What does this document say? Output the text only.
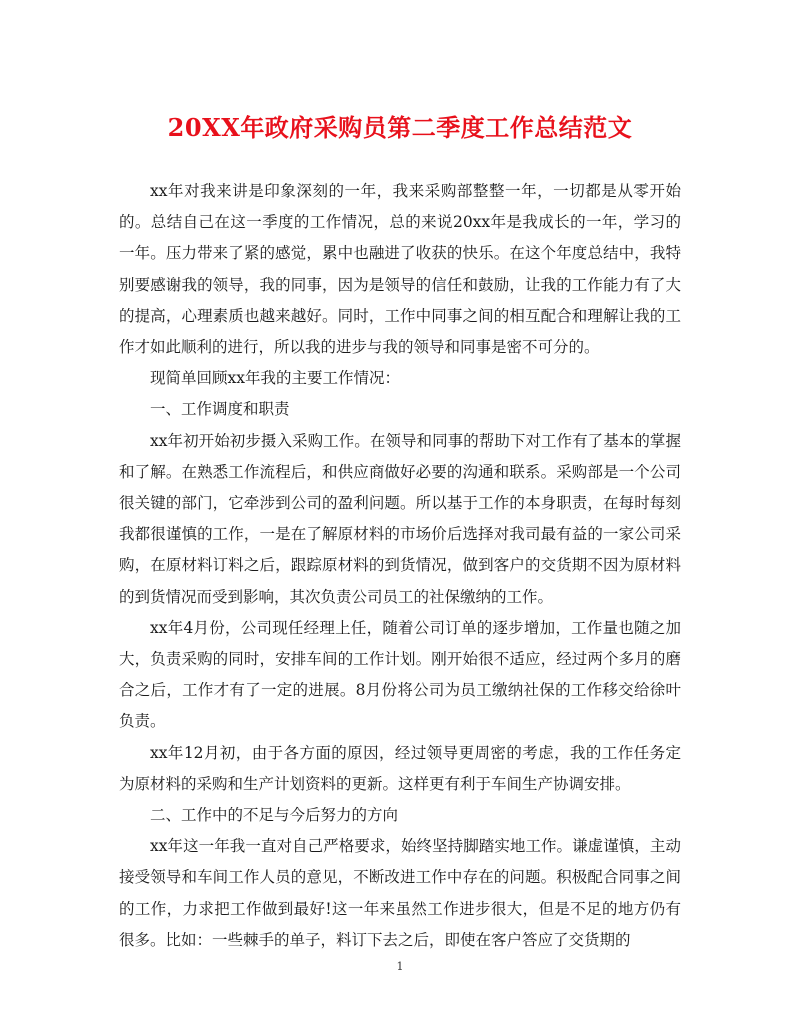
20XX年政府采购员第二季度工作总结范文

xx年对我来讲是印象深刻的一年，我来采购部整整一年，一切都是从零开始的。总结自己在这一季度的工作情况，总的来说20xx年是我成长的一年，学习的一年。压力带来了紧的感觉，累中也融进了收获的快乐。在这个年度总结中，我特别要感谢我的领导，我的同事，因为是领导的信任和鼓励，让我的工作能力有了大的提高，心理素质也越来越好。同时，工作中同事之间的相互配合和理解让我的工作才如此顺利的进行，所以我的进步与我的领导和同事是密不可分的。

现简单回顾xx年我的主要工作情况：

一、工作调度和职责

xx年初开始初步摄入采购工作。在领导和同事的帮助下对工作有了基本的掌握和了解。在熟悉工作流程后，和供应商做好必要的沟通和联系。采购部是一个公司很关键的部门，它牵涉到公司的盈利问题。所以基于工作的本身职责，在每时每刻我都很谨慎的工作，一是在了解原材料的市场价后选择对我司最有益的一家公司采购，在原材料订料之后，跟踪原材料的到货情况，做到客户的交货期不因为原材料的到货情况而受到影响，其次负责公司员工的社保缴纳的工作。

xx年4月份，公司现任经理上任，随着公司订单的逐步增加，工作量也随之加大，负责采购的同时，安排车间的工作计划。刚开始很不适应，经过两个多月的磨合之后，工作才有了一定的进展。8月份将公司为员工缴纳社保的工作移交给徐叶负责。

xx年12月初，由于各方面的原因，经过领导更周密的考虑，我的工作任务定为原材料的采购和生产计划资料的更新。这样更有利于车间生产协调安排。

二、工作中的不足与今后努力的方向

xx年这一年我一直对自己严格要求，始终坚持脚踏实地工作。谦虚谨慎，主动接受领导和车间工作人员的意见，不断改进工作中存在的问题。积极配合同事之间的工作，力求把工作做到最好!这一年来虽然工作进步很大，但是不足的地方仍有很多。比如：一些棘手的单子，料订下去之后，即使在客户答应了交货期的

1
